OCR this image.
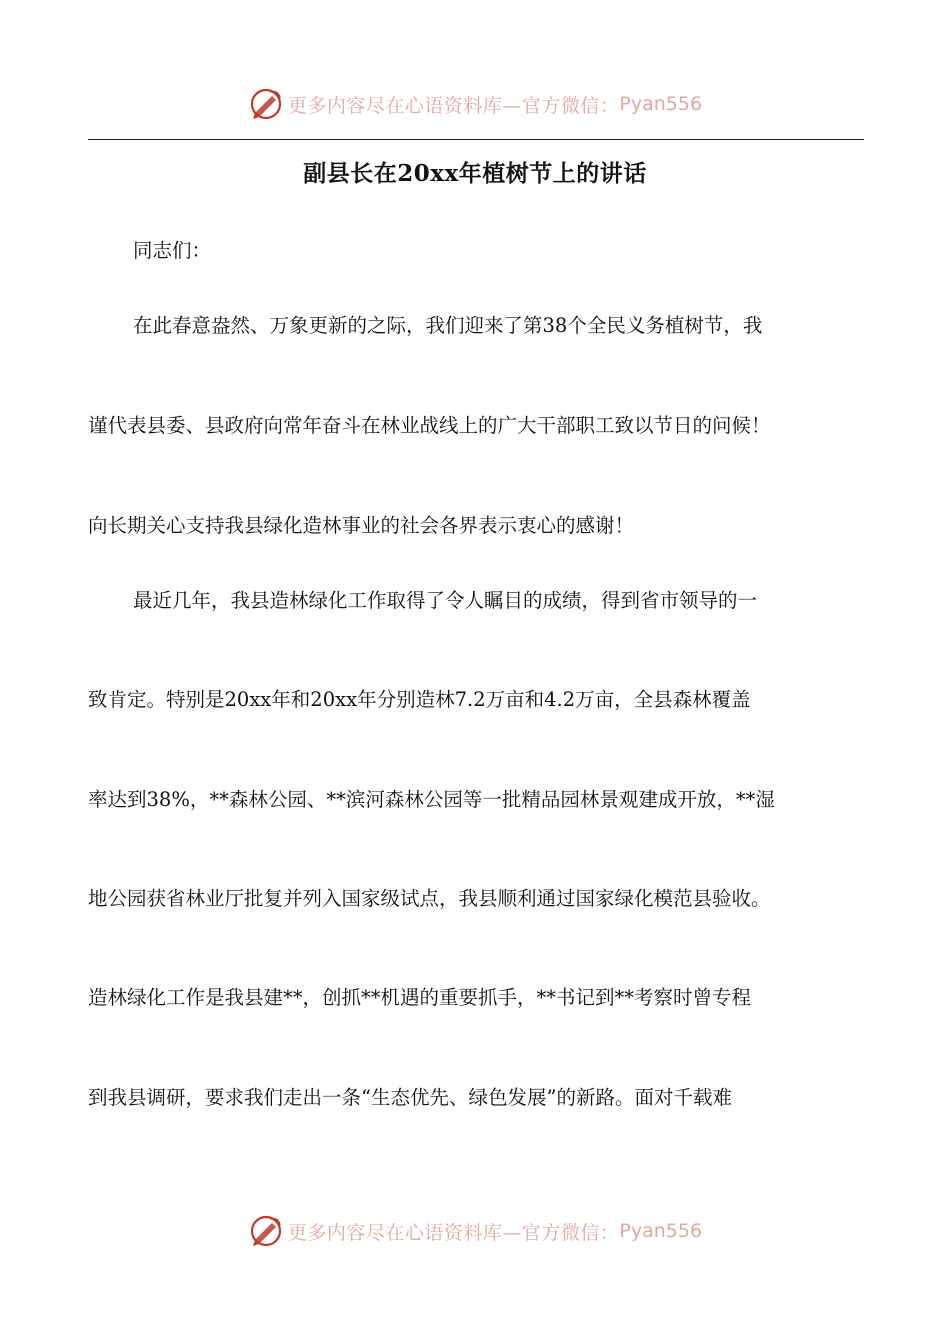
更多内容尽在心语资料库—官方微信： Pyan556
副县长在20xx年植树节上的讲话
同志们：
在此春意盎然、万象更新的之际，我们迎来了第38个全民义务植树节，我
谨代表县委、县政府向常年奋斗在林业战线上的广大干部职工致以节日的问候！
向长期关心支持我县绿化造林事业的社会各界表示衷心的感谢！
最近几年，我县造林绿化工作取得了令人瞩目的成绩，得到省市领导的一
致肯定。特别是20xx年和20xx年分别造林7.2万亩和4.2万亩，全县森林覆盖
率达到38%，**森林公园、**滨河森林公园等一批精品园林景观建成开放，**湿
地公园获省林业厅批复并列入国家级试点，我县顺利通过国家绿化模范县验收。
造林绿化工作是我县建**，创抓**机遇的重要抓手，**书记到**考察时曾专程
到我县调研，要求我们走出一条“生态优先、绿色发展”的新路。面对千载难
更多内容尽在心语资料库—官方微信： Pyan556
